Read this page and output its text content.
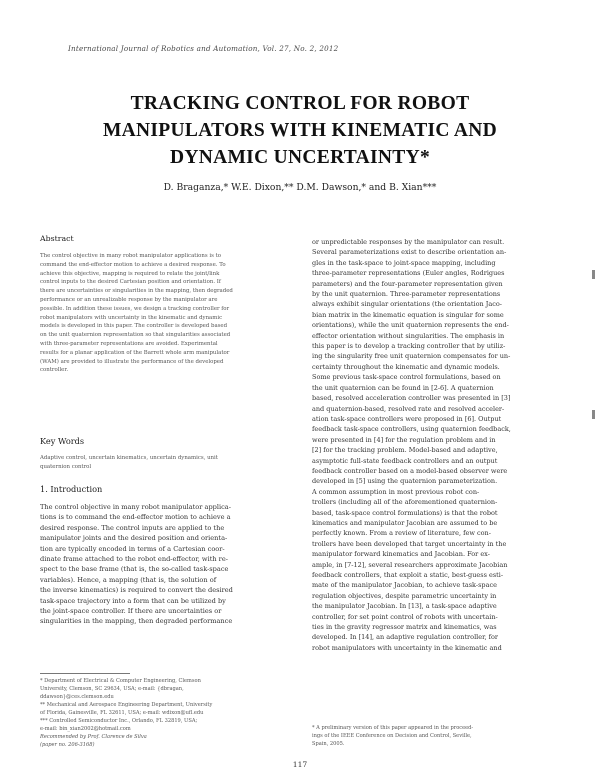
International Journal of Robotics and Automation, Vol. 27, No. 2, 2012
TRACKING CONTROL FOR ROBOT
MANIPULATORS WITH KINEMATIC AND
DYNAMIC UNCERTAINTY*
D. Braganza,* W.E. Dixon,** D.M. Dawson,* and B. Xian***
Abstract
The control objective in many robot manipulator applications is to
command the end-effector motion to achieve a desired response. To
achieve this objective, mapping is required to relate the joint/link
control inputs to the desired Cartesian position and orientation. If
there are uncertainties or singularities in the mapping, then degraded
performance or an unrealizable response by the manipulator are
possible. In addition these issues, we design a tracking controller for
robot manipulators with uncertainty in the kinematic and dynamic
models is developed in this paper. The controller is developed based
on the unit quaternion representation so that singularities associated
with three-parameter representations are avoided. Experimental
results for a planar application of the Barrett whole arm manipulator
(WAM) are provided to illustrate the performance of the developed
controller.
Key Words
Adaptive control, uncertain kinematics, uncertain dynamics, unit
quaternion control
1. Introduction
The control objective in many robot manipulator applica-
tions is to command the end-effector motion to achieve a
desired response. The control inputs are applied to the
manipulator joints and the desired position and orienta-
tion are typically encoded in terms of a Cartesian coor-
dinate frame attached to the robot end-effector, with re-
spect to the base frame (that is, the so-called task-space
variables). Hence, a mapping (that is, the solution of
the inverse kinematics) is required to convert the desired
task-space trajectory into a form that can be utilized by
the joint-space controller. If there are uncertainties or
singularities in the mapping, then degraded performance
* Department of Electrical & Computer Engineering, Clemson
University, Clemson, SC 29634, USA; e-mail: {dbragan,
ddawson}@ces.clemson.edu
** Mechanical and Aerospace Engineering Department, University
of Florida, Gainesville, FL 32611, USA; e-mail: wdixon@ufl.edu
*** Controlled Semiconductor Inc., Orlando, FL 32819, USA;
e-mail: bin_xian2002@hotmail.com
Recommended by Prof. Clarence de Silva
(paper no. 206-3168)
or unpredictable responses by the manipulator can result.
Several parameterizations exist to describe orientation an-
gles in the task-space to joint-space mapping, including
three-parameter representations (Euler angles, Rodrigues
parameters) and the four-parameter representation given
by the unit quaternion. Three-parameter representations
always exhibit singular orientations (the orientation Jaco-
bian matrix in the kinematic equation is singular for some
orientations), while the unit quaternion represents the end-
effector orientation without singularities. The emphasis in
this paper is to develop a tracking controller that by utiliz-
ing the singularity free unit quaternion compensates for un-
certainty throughout the kinematic and dynamic models.
Some previous task-space control formulations, based on
the unit quaternion can be found in [2-6]. A quaternion
based, resolved acceleration controller was presented in [3]
and quaternion-based, resolved rate and resolved acceler-
ation task-space controllers were proposed in [6]. Output
feedback task-space controllers, using quaternion feedback,
were presented in [4] for the regulation problem and in
[2] for the tracking problem. Model-based and adaptive,
asymptotic full-state feedback controllers and an output
feedback controller based on a model-based observer were
developed in [5] using the quaternion parameterization.
A common assumption in most previous robot con-
trollers (including all of the aforementioned quaternion-
based, task-space control formulations) is that the robot
kinematics and manipulator Jacobian are assumed to be
perfectly known. From a review of literature, few con-
trollers have been developed that target uncertainty in the
manipulator forward kinematics and Jacobian. For ex-
ample, in [7-12], several researchers approximate Jacobian
feedback controllers, that exploit a static, best-guess esti-
mate of the manipulator Jacobian, to achieve task-space
regulation objectives, despite parametric uncertainty in
the manipulator Jacobian. In [13], a task-space adaptive
controller, for set point control of robots with uncertain-
ties in the gravity regressor matrix and kinematics, was
developed. In [14], an adaptive regulation controller, for
robot manipulators with uncertainty in the kinematic and
* A preliminary version of this paper appeared in the proceed-
ings of the IEEE Conference on Decision and Control, Seville,
Spain, 2005.
117
